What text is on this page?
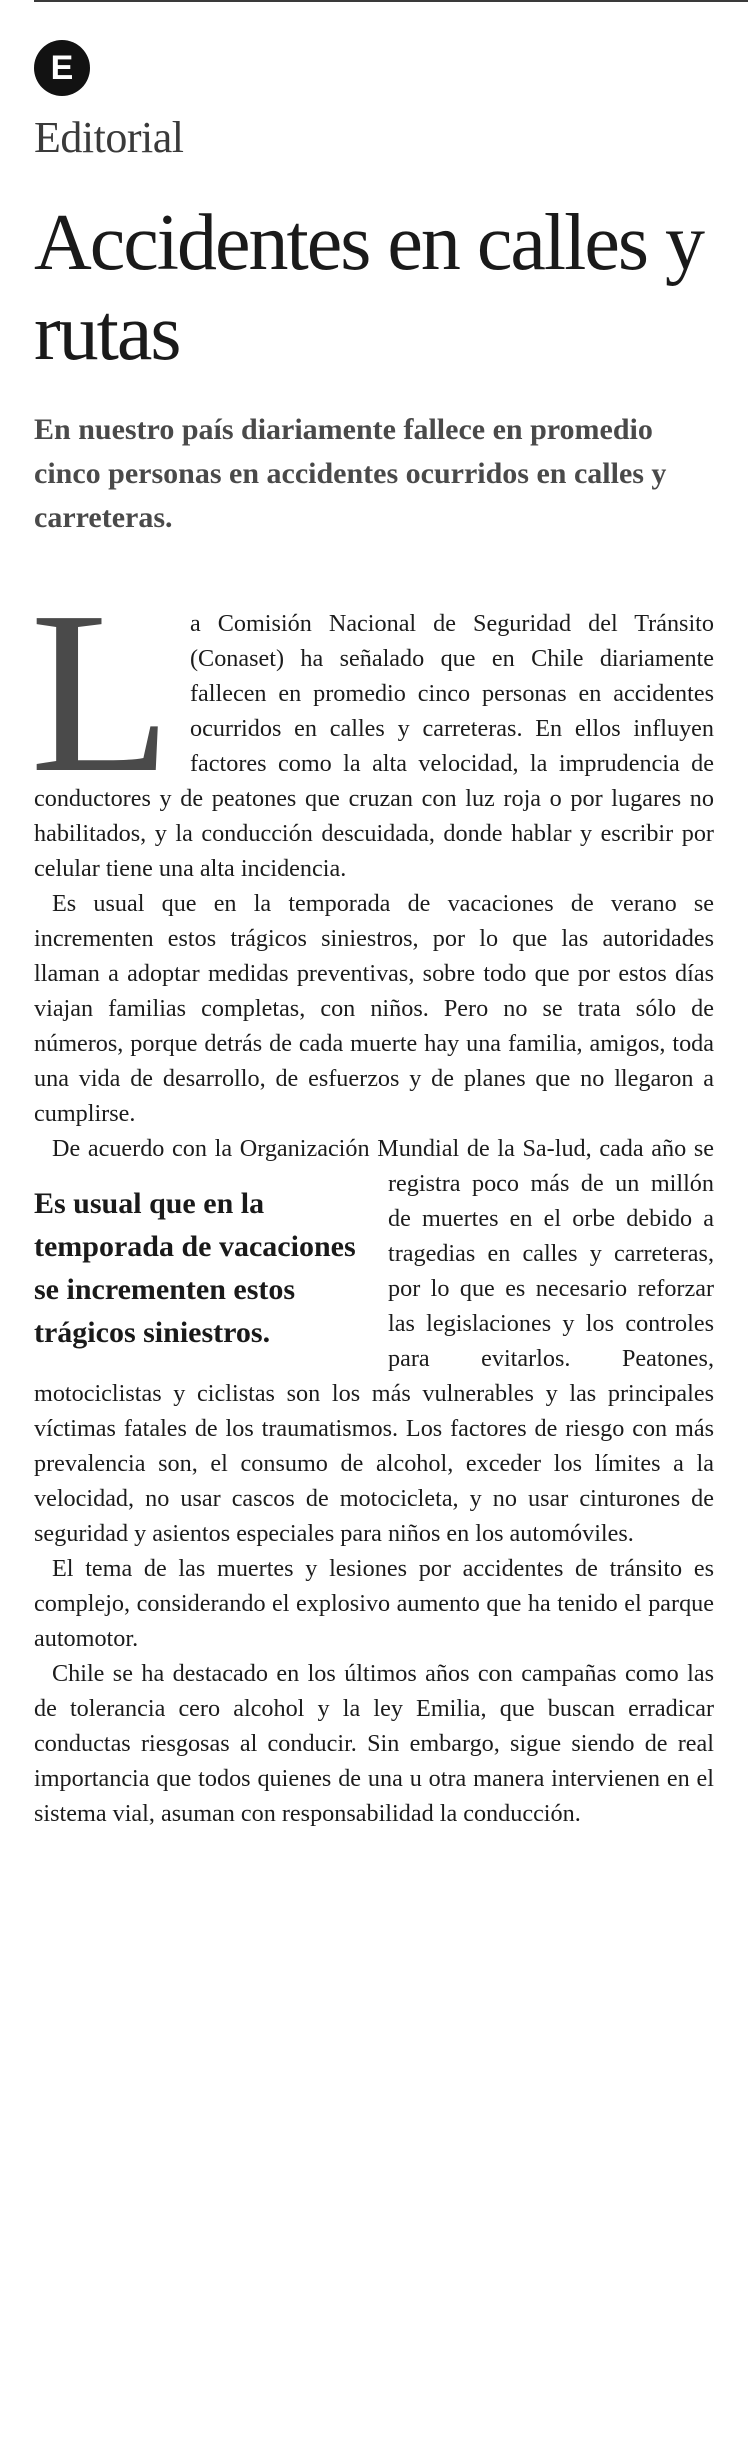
E
Editorial
Accidentes en calles y rutas

En nuestro país diariamente fallece en promedio cinco personas en accidentes ocurridos en calles y carreteras.

La Comisión Nacional de Seguridad del Tránsito (Conaset) ha señalado que en Chile diariamente fallecen en promedio cinco personas en accidentes ocurridos en calles y carreteras. En ellos influyen factores como la alta velocidad, la imprudencia de conductores y de peatones que cruzan con luz roja o por lugares no habilitados, y la conducción descuidada, donde hablar y escribir por celular tiene una alta incidencia.

Es usual que en la temporada de vacaciones de verano se incrementen estos trágicos siniestros, por lo que las autoridades llaman a adoptar medidas preventivas, sobre todo que por estos días viajan familias completas, con niños. Pero no se trata sólo de números, porque detrás de cada muerte hay una familia, amigos, toda una vida de desarrollo, de esfuerzos y de planes que no llegaron a cumplirse.

De acuerdo con la Organización Mundial de la Sa-
Es usual que en la temporada de vacaciones se incrementen estos trágicos siniestros.
lud, cada año se registra poco más de un millón de muertes en el orbe debido a tragedias en calles y carreteras, por lo que es necesario reforzar las legislaciones y los controles para evitarlos. Peatones, motociclistas y ciclistas son los más vulnerables y las principales víctimas fatales de los traumatismos. Los factores de riesgo con más prevalencia son, el consumo de alcohol, exceder los límites a la velocidad, no usar cascos de motocicleta, y no usar cinturones de seguridad y asientos especiales para niños en los automóviles.

El tema de las muertes y lesiones por accidentes de tránsito es complejo, considerando el explosivo aumento que ha tenido el parque automotor.

Chile se ha destacado en los últimos años con campañas como las de tolerancia cero alcohol y la ley Emilia, que buscan erradicar conductas riesgosas al conducir. Sin embargo, sigue siendo de real importancia que todos quienes de una u otra manera intervienen en el sistema vial, asuman con responsabilidad la conducción.
